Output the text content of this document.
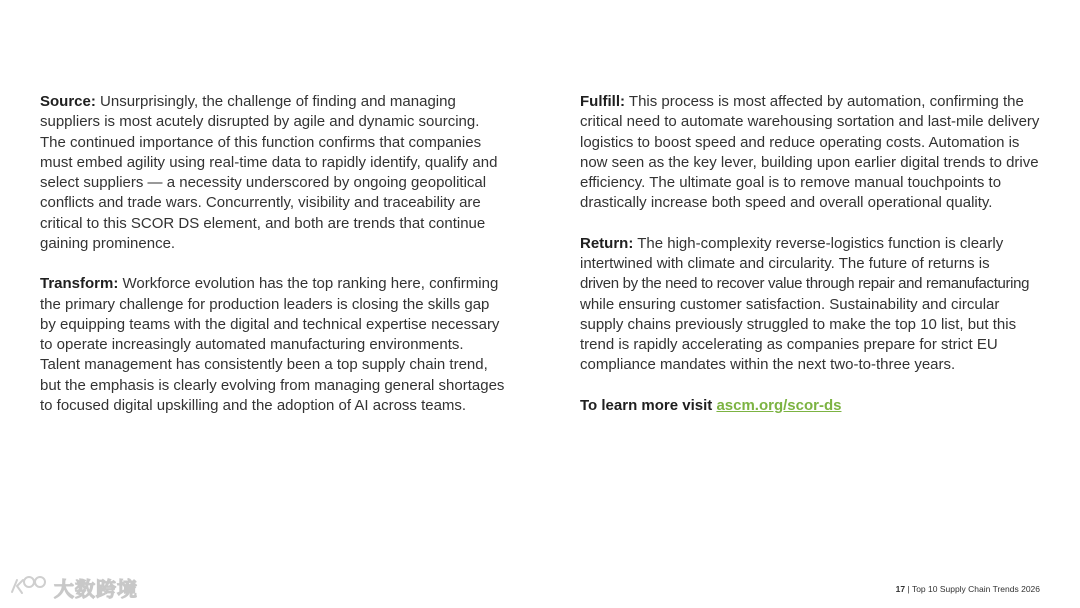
Source: Unsurprisingly, the challenge of finding and managing
suppliers is most acutely disrupted by agile and dynamic sourcing.
The continued importance of this function confirms that companies
must embed agility using real-time data to rapidly identify, qualify and
select suppliers — a necessity underscored by ongoing geopolitical
conflicts and trade wars. Concurrently, visibility and traceability are
critical to this SCOR DS element, and both are trends that continue
gaining prominence.

Transform: Workforce evolution has the top ranking here, confirming
the primary challenge for production leaders is closing the skills gap
by equipping teams with the digital and technical expertise necessary
to operate increasingly automated manufacturing environments.
Talent management has consistently been a top supply chain trend,
but the emphasis is clearly evolving from managing general shortages
to focused digital upskilling and the adoption of AI across teams.

Fulfill: This process is most affected by automation, confirming the
critical need to automate warehousing sortation and last-mile delivery
logistics to boost speed and reduce operating costs. Automation is
now seen as the key lever, building upon earlier digital trends to drive
efficiency. The ultimate goal is to remove manual touchpoints to
drastically increase both speed and overall operational quality.

Return: The high-complexity reverse-logistics function is clearly
intertwined with climate and circularity. The future of returns is
driven by the need to recover value through repair and remanufacturing
while ensuring customer satisfaction. Sustainability and circular
supply chains previously struggled to make the top 10 list, but this
trend is rapidly accelerating as companies prepare for strict EU
compliance mandates within the next two-to-three years.

To learn more visit ascm.org/scor-ds

17 | Top 10 Supply Chain Trends 2026
大数跨境
